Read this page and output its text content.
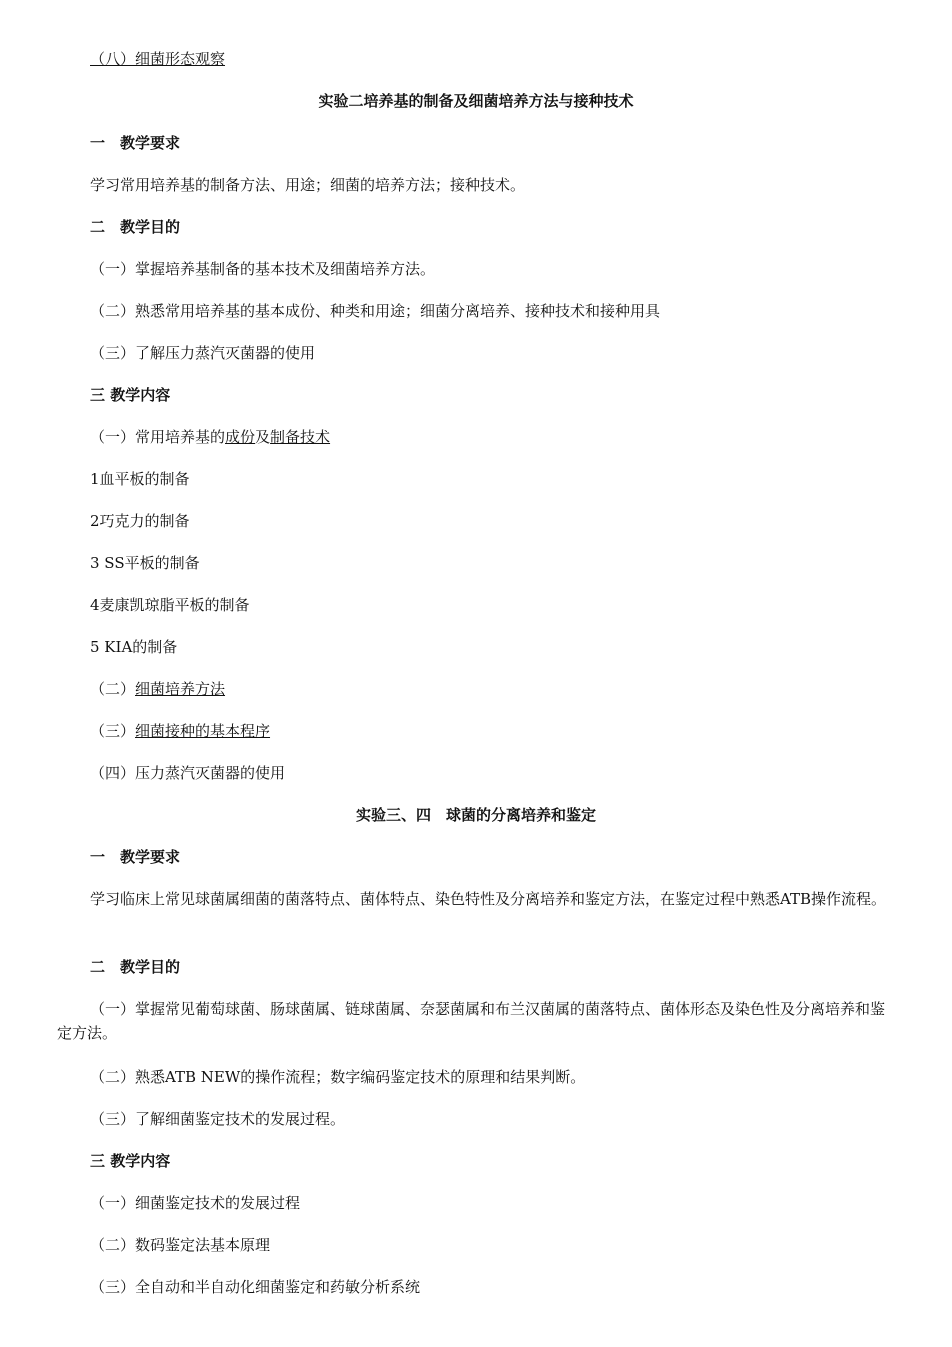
（八）细菌形态观察
实验二培养基的制备及细菌培养方法与接种技术
一　教学要求
学习常用培养基的制备方法、用途；细菌的培养方法；接种技术。
二　教学目的
（一）掌握培养基制备的基本技术及细菌培养方法。
（二）熟悉常用培养基的基本成份、种类和用途；细菌分离培养、接种技术和接种用具
（三）了解压力蒸汽灭菌器的使用
三 教学内容
（一）常用培养基的成份及制备技术
1血平板的制备
2巧克力的制备
3 SS平板的制备
4麦康凯琼脂平板的制备
5 KIA的制备
（二）细菌培养方法
（三）细菌接种的基本程序
（四）压力蒸汽灭菌器的使用
实验三、四　球菌的分离培养和鉴定
一　教学要求
学习临床上常见球菌属细菌的菌落特点、菌体特点、染色特性及分离培养和鉴定方法，在鉴定过程中熟悉ATB操作流程。
二　教学目的
（一）掌握常见葡萄球菌、肠球菌属、链球菌属、奈瑟菌属和布兰汉菌属的菌落特点、菌体形态及染色性及分离培养和鉴定方法。
（二）熟悉ATB NEW的操作流程；数字编码鉴定技术的原理和结果判断。
（三）了解细菌鉴定技术的发展过程。
三 教学内容
（一）细菌鉴定技术的发展过程
（二）数码鉴定法基本原理
（三）全自动和半自动化细菌鉴定和药敏分析系统
